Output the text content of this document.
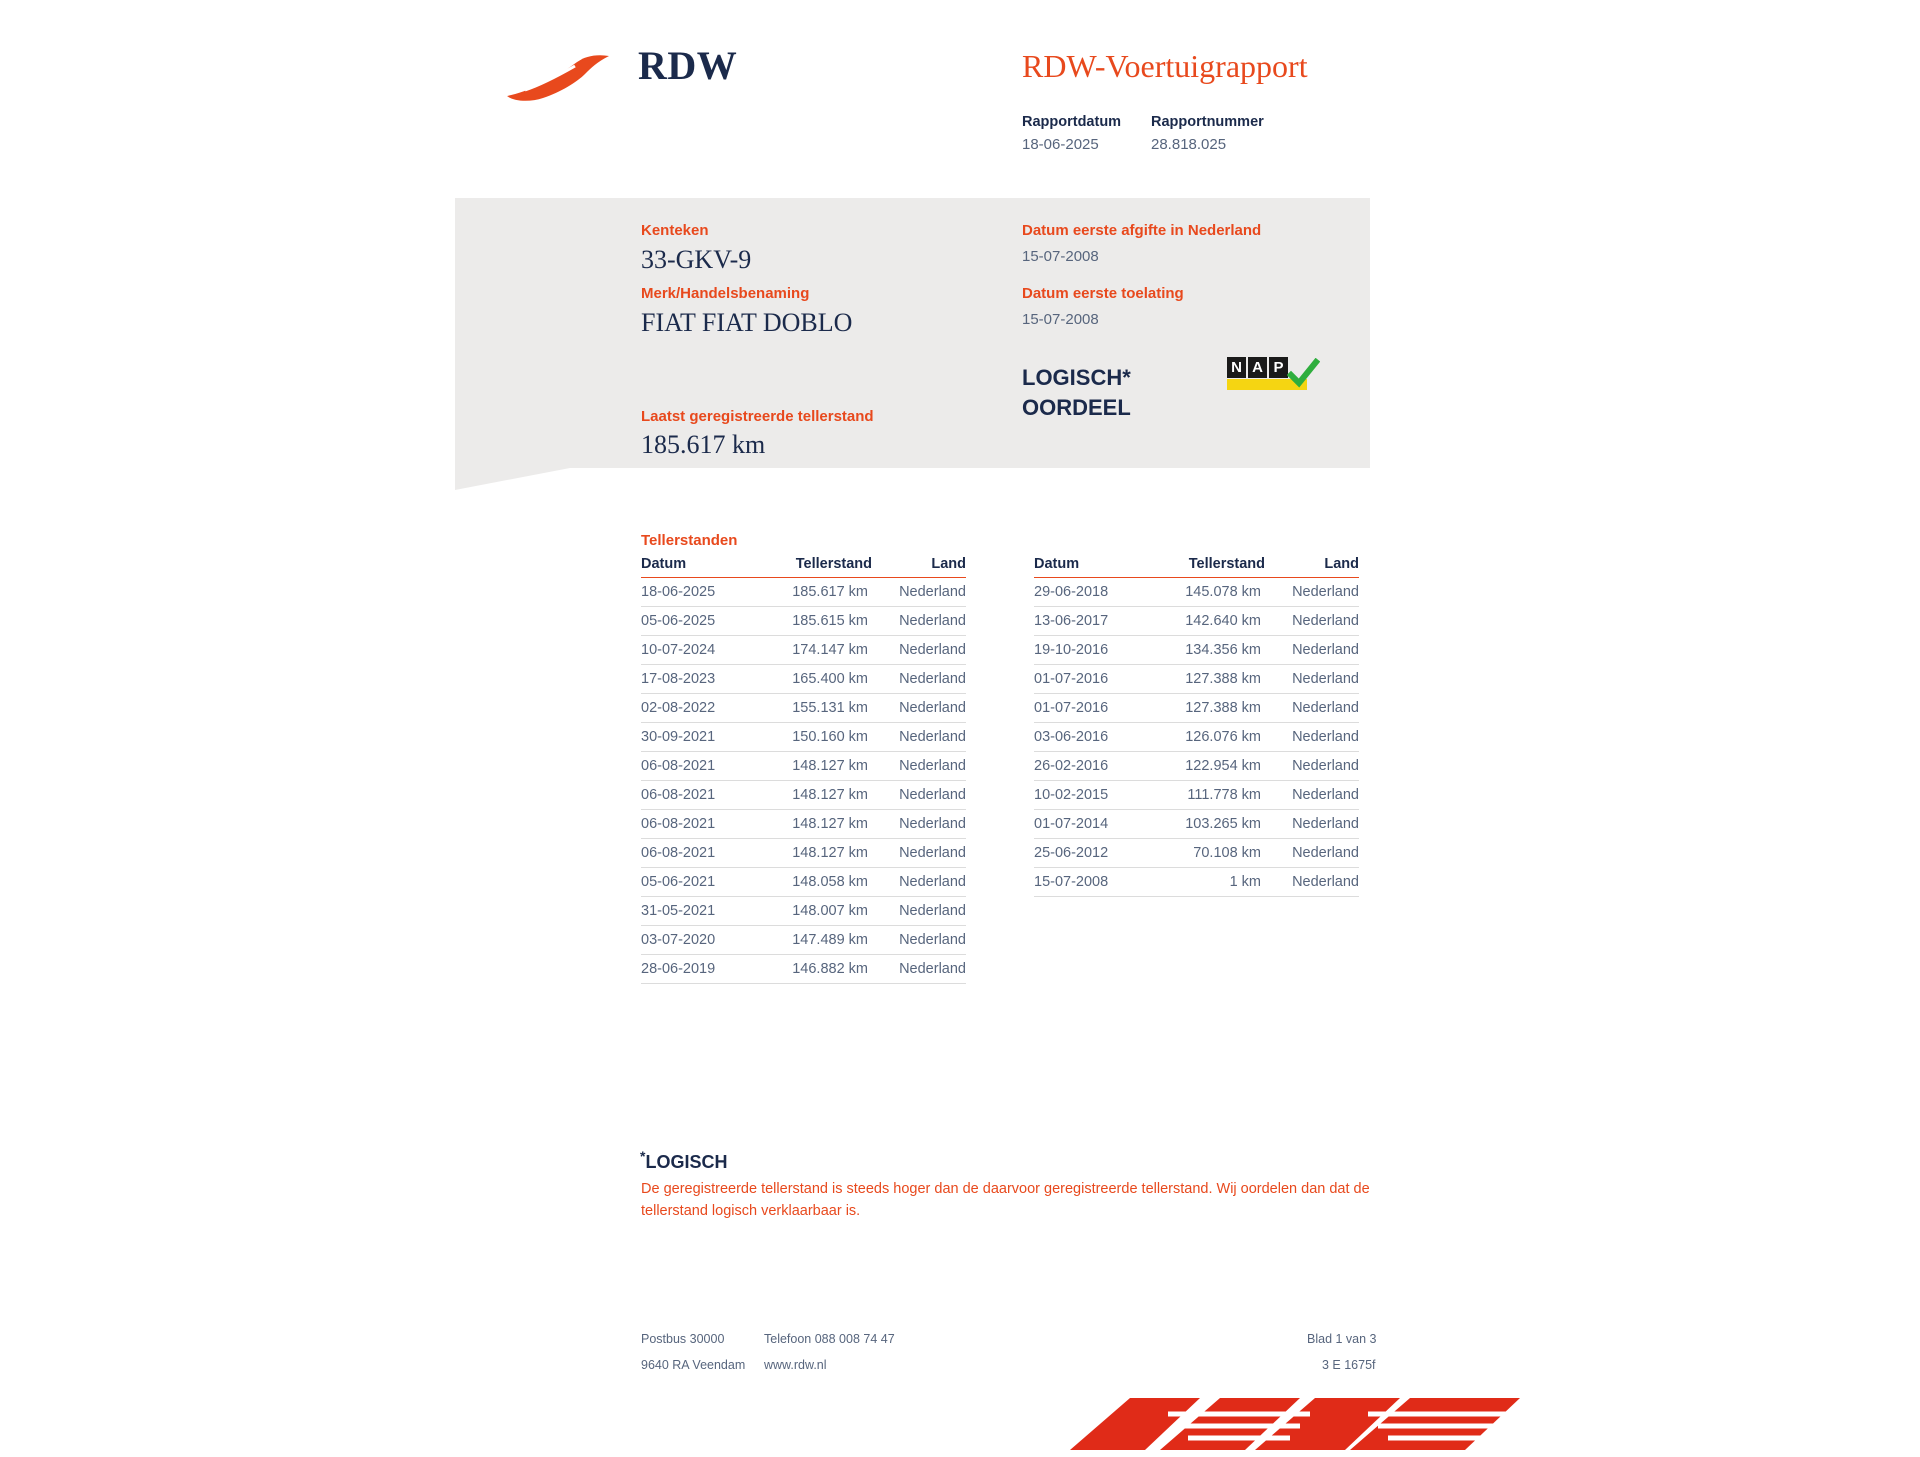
RDW	RDW-Voertuigrapport
Rapportdatum
18-06-2025
Rapportnummer
28.818.025
Kenteken
33-GKV-9
Merk/Handelsbenaming
FIAT FIAT DOBLO
Laatst geregistreerde tellerstand
185.617 km
Datum eerste afgifte in Nederland
15-07-2008
Datum eerste toelating
15-07-2008
LOGISCH*
OORDEEL
N A P
Tellerstanden
Datum	Tellerstand	Land
18-06-2025	185.617 km	Nederland
05-06-2025	185.615 km	Nederland
10-07-2024	174.147 km	Nederland
17-08-2023	165.400 km	Nederland
02-08-2022	155.131 km	Nederland
30-09-2021	150.160 km	Nederland
06-08-2021	148.127 km	Nederland
06-08-2021	148.127 km	Nederland
06-08-2021	148.127 km	Nederland
06-08-2021	148.127 km	Nederland
05-06-2021	148.058 km	Nederland
31-05-2021	148.007 km	Nederland
03-07-2020	147.489 km	Nederland
28-06-2019	146.882 km	Nederland
Datum	Tellerstand	Land
29-06-2018	145.078 km	Nederland
13-06-2017	142.640 km	Nederland
19-10-2016	134.356 km	Nederland
01-07-2016	127.388 km	Nederland
01-07-2016	127.388 km	Nederland
03-06-2016	126.076 km	Nederland
26-02-2016	122.954 km	Nederland
10-02-2015	111.778 km	Nederland
01-07-2014	103.265 km	Nederland
25-06-2012	70.108 km	Nederland
15-07-2008	1 km	Nederland
*LOGISCH
De geregistreerde tellerstand is steeds hoger dan de daarvoor geregistreerde tellerstand. Wij oordelen dan dat de tellerstand logisch verklaarbaar is.
Postbus 30000
9640 RA Veendam
Telefoon 088 008 74 47
www.rdw.nl
Blad 1 van 3
3 E 1675f
